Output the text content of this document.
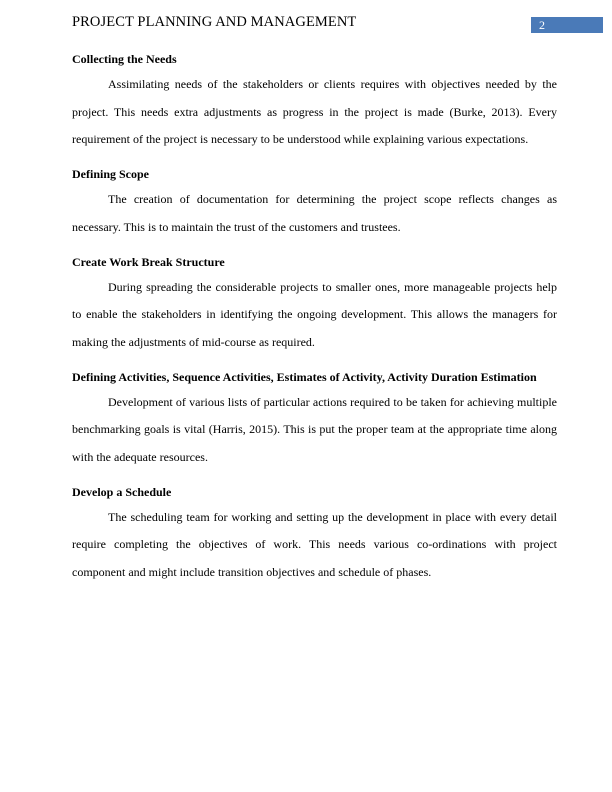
PROJECT PLANNING AND MANAGEMENT	2

Collecting the Needs

Assimilating needs of the stakeholders or clients requires with objectives needed by the project. This needs extra adjustments as progress in the project is made (Burke, 2013). Every requirement of the project is necessary to be understood while explaining various expectations.

Defining Scope

The creation of documentation for determining the project scope reflects changes as necessary. This is to maintain the trust of the customers and trustees.

Create Work Break Structure

During spreading the considerable projects to smaller ones, more manageable projects help to enable the stakeholders in identifying the ongoing development. This allows the managers for making the adjustments of mid-course as required.

Defining Activities, Sequence Activities, Estimates of Activity, Activity Duration Estimation

Development of various lists of particular actions required to be taken for achieving multiple benchmarking goals is vital (Harris, 2015). This is put the proper team at the appropriate time along with the adequate resources.

Develop a Schedule

The scheduling team for working and setting up the development in place with every detail require completing the objectives of work. This needs various co-ordinations with project component and might include transition objectives and schedule of phases.
